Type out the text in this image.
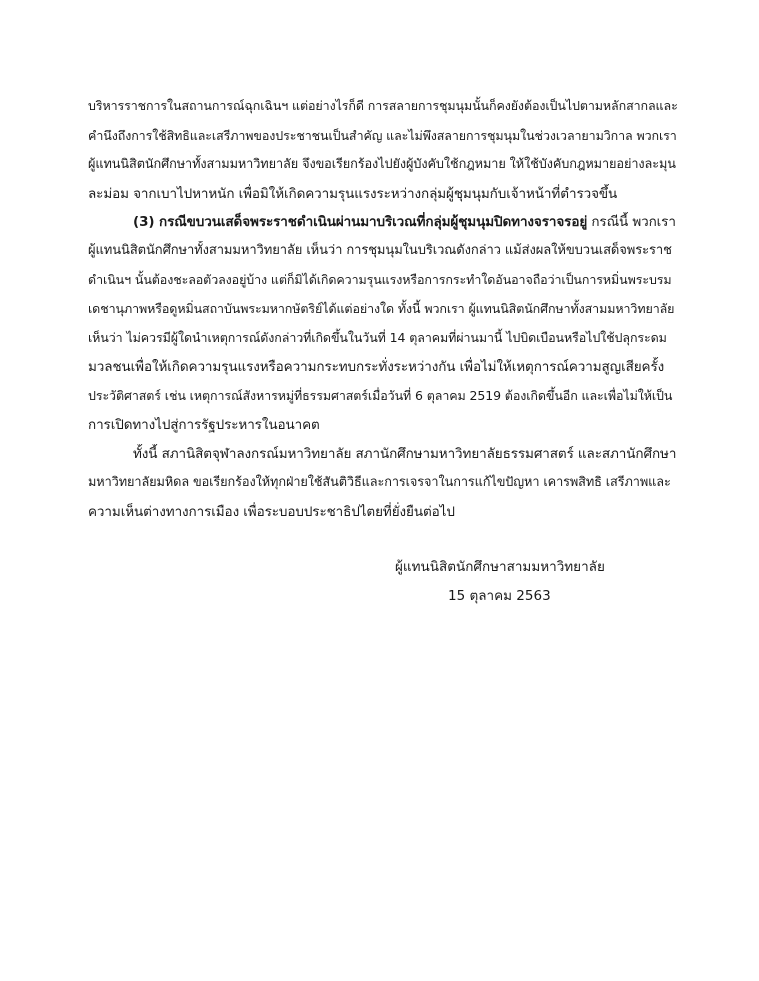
บริหารราชการในสถานการณ์ฉุกเฉินฯ แต่อย่างไรก็ดี การสลายการชุมนุมนั้นก็คงยังต้องเป็นไปตามหลักสากลและ
คำนึงถึงการใช้สิทธิและเสรีภาพของประชาชนเป็นสำคัญ และไม่พึงสลายการชุมนุมในช่วงเวลายามวิกาล พวกเรา
ผู้แทนนิสิตนักศึกษาทั้งสามมหาวิทยาลัย จึงขอเรียกร้องไปยังผู้บังคับใช้กฎหมาย ให้ใช้บังคับกฎหมายอย่างละมุน
ละม่อม จากเบาไปหาหนัก เพื่อมิให้เกิดความรุนแรงระหว่างกลุ่มผู้ชุมนุมกับเจ้าหน้าที่ตำรวจขึ้น
(3) กรณีขบวนเสด็จพระราชดำเนินผ่านมาบริเวณที่กลุ่มผู้ชุมนุมปิดทางจราจรอยู่ กรณีนี้ พวกเรา
ผู้แทนนิสิตนักศึกษาทั้งสามมหาวิทยาลัย เห็นว่า การชุมนุมในบริเวณดังกล่าว แม้ส่งผลให้ขบวนเสด็จพระราช
ดำเนินฯ นั้นต้องชะลอตัวลงอยู่บ้าง แต่ก็มิได้เกิดความรุนแรงหรือการกระทำใดอันอาจถือว่าเป็นการหมิ่นพระบรม
เดชานุภาพหรือดูหมิ่นสถาบันพระมหากษัตริย์ได้แต่อย่างใด ทั้งนี้ พวกเรา ผู้แทนนิสิตนักศึกษาทั้งสามมหาวิทยาลัย
เห็นว่า ไม่ควรมีผู้ใดนำเหตุการณ์ดังกล่าวที่เกิดขึ้นในวันที่ 14 ตุลาคมที่ผ่านมานี้ ไปบิดเบือนหรือไปใช้ปลุกระดม
มวลชนเพื่อให้เกิดความรุนแรงหรือความกระทบกระทั่งระหว่างกัน เพื่อไม่ให้เหตุการณ์ความสูญเสียครั้ง
ประวัติศาสตร์ เช่น เหตุการณ์สังหารหมู่ที่ธรรมศาสตร์เมื่อวันที่ 6 ตุลาคม 2519 ต้องเกิดขึ้นอีก และเพื่อไม่ให้เป็น
การเปิดทางไปสู่การรัฐประหารในอนาคต
ทั้งนี้ สภานิสิตจุฬาลงกรณ์มหาวิทยาลัย สภานักศึกษามหาวิทยาลัยธรรมศาสตร์ และสภานักศึกษา
มหาวิทยาลัยมหิดล ขอเรียกร้องให้ทุกฝ่ายใช้สันติวิธีและการเจรจาในการแก้ไขปัญหา เคารพสิทธิ เสรีภาพและ
ความเห็นต่างทางการเมือง เพื่อระบอบประชาธิปไตยที่ยั่งยืนต่อไป
ผู้แทนนิสิตนักศึกษาสามมหาวิทยาลัย
15 ตุลาคม 2563
